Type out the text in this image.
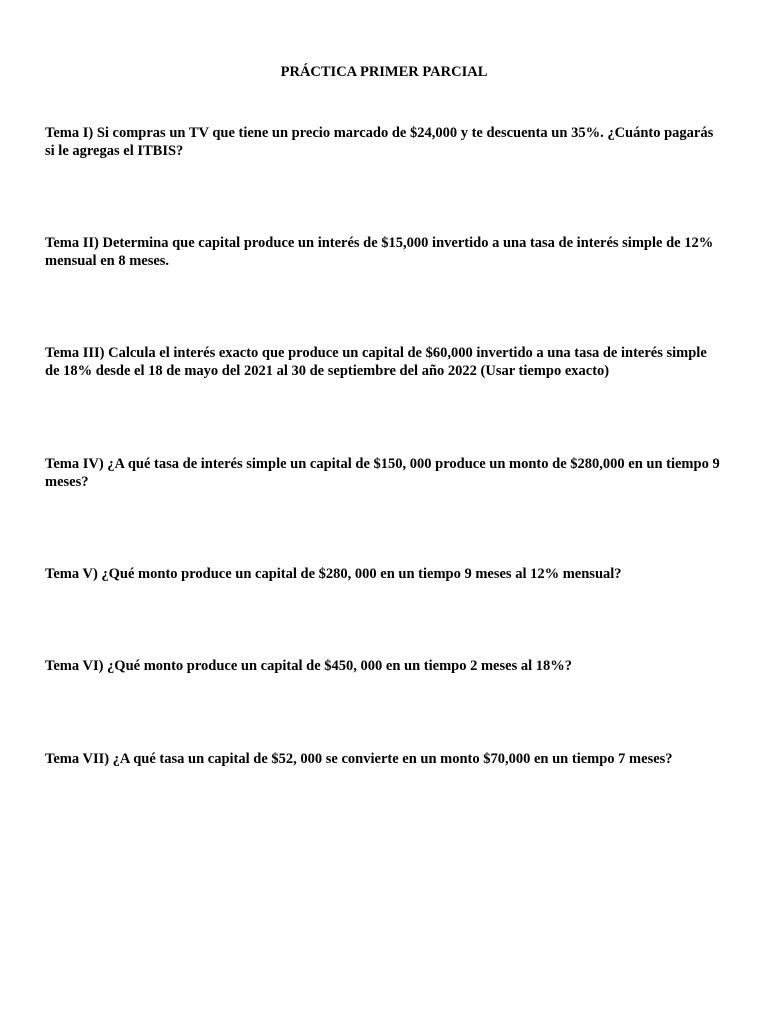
PRÁCTICA PRIMER PARCIAL

Tema I) Si compras un TV que tiene un precio marcado de $24,000 y te descuenta un 35%. ¿Cuánto pagarás si le agregas el ITBIS?

Tema II) Determina que capital produce un interés de $15,000 invertido a una tasa de interés simple de 12% mensual en 8 meses.

Tema III) Calcula el interés exacto que produce un capital de $60,000 invertido a una tasa de interés simple de 18% desde el 18 de mayo del 2021 al 30 de septiembre del año 2022 (Usar tiempo exacto)

Tema IV) ¿A qué tasa de interés simple un capital de $150, 000 produce un monto de $280,000 en un tiempo 9 meses?

Tema V) ¿Qué monto produce un capital de $280, 000 en un tiempo 9 meses al 12% mensual?

Tema VI) ¿Qué monto produce un capital de $450, 000 en un tiempo 2 meses al 18%?

Tema VII) ¿A qué tasa un capital de $52, 000 se convierte en un monto $70,000 en un tiempo 7 meses?
